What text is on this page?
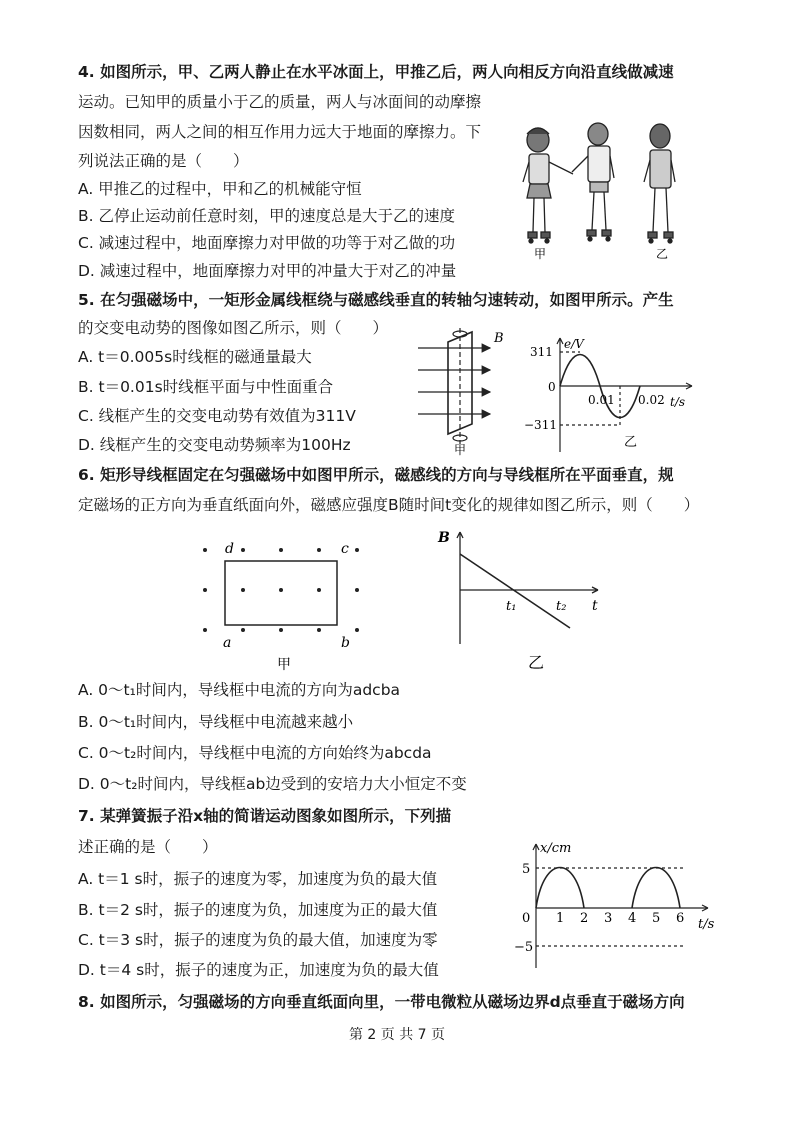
4. 如图所示，甲、乙两人静止在水平冰面上，甲推乙后，两人向相反方向沿直线做减速
运动。已知甲的质量小于乙的质量，两人与冰面间的动摩擦
因数相同，两人之间的相互作用力远大于地面的摩擦力。下
列说法正确的是（　　）
A. 甲推乙的过程中，甲和乙的机械能守恒
B. 乙停止运动前任意时刻，甲的速度总是大于乙的速度
C. 减速过程中，地面摩擦力对甲做的功等于对乙做的功
D. 减速过程中，地面摩擦力对甲的冲量大于对乙的冲量
甲	乙
5. 在匀强磁场中，一矩形金属线框绕与磁感线垂直的转轴匀速转动，如图甲所示。产生
的交变电动势的图像如图乙所示，则（　　）
A. t＝0.005s时线框的磁通量最大
B. t＝0.01s时线框平面与中性面重合
C. 线框产生的交变电动势有效值为311V
D. 线框产生的交变电动势频率为100Hz
B
甲
e/V
t/s
311
−311
0
0.01 0.02
乙
6. 矩形导线框固定在匀强磁场中如图甲所示，磁感线的方向与导线框所在平面垂直，规
定磁场的正方向为垂直纸面向外，磁感应强度B随时间t变化的规律如图乙所示，则（　　）
d	c
a	b
甲
B
t
t₁	t₂
乙
A. 0～t₁时间内，导线框中电流的方向为adcba
B. 0～t₁时间内，导线框中电流越来越小
C. 0～t₂时间内，导线框中电流的方向始终为abcda
D. 0～t₂时间内，导线框ab边受到的安培力大小恒定不变
7. 某弹簧振子沿x轴的简谐运动图象如图所示，下列描
述正确的是（　　）
A. t＝1 s时，振子的速度为零，加速度为负的最大值
B. t＝2 s时，振子的速度为负，加速度为正的最大值
C. t＝3 s时，振子的速度为负的最大值，加速度为零
D. t＝4 s时，振子的速度为正，加速度为负的最大值
x/cm
t/s
5
−5
0 1 2 3 4 5 6
8. 如图所示，匀强磁场的方向垂直纸面向里，一带电微粒从磁场边界d点垂直于磁场方向
第 2 页 共 7 页
